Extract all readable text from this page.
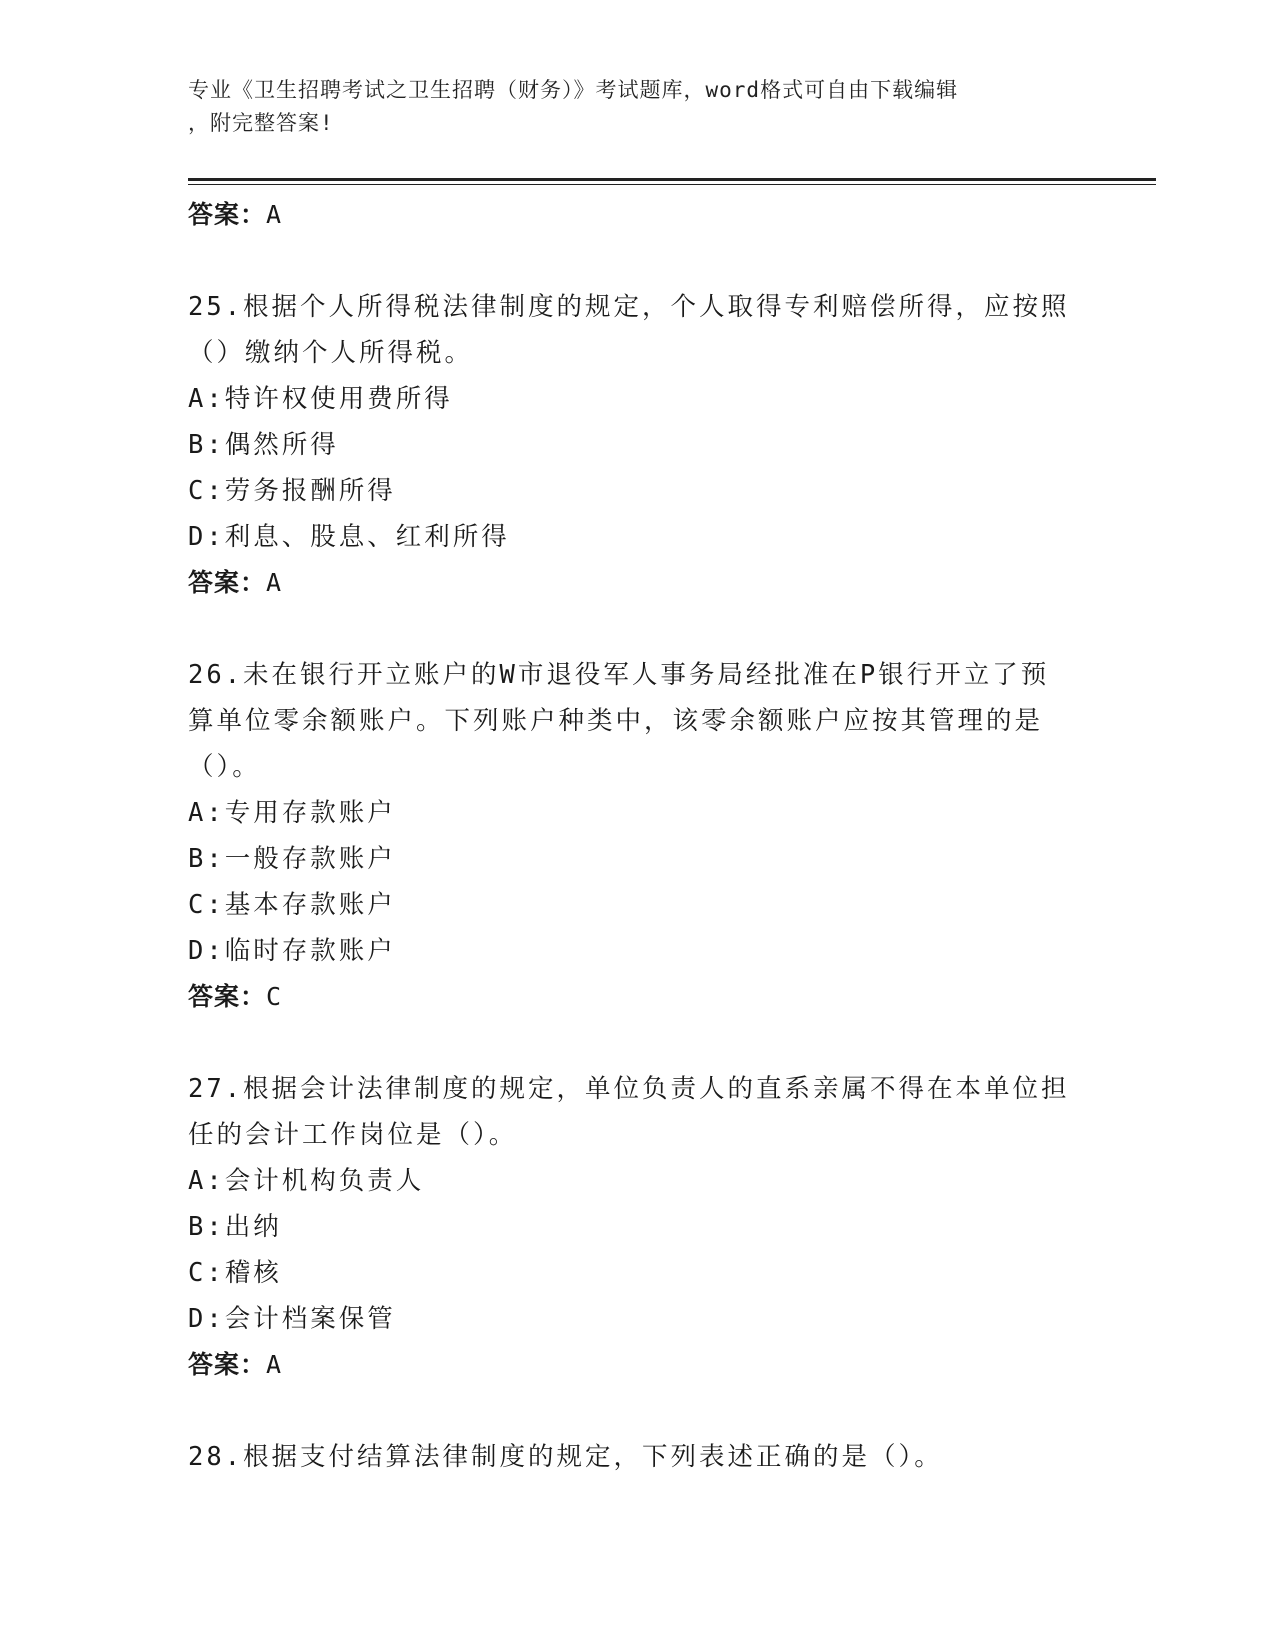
专业《卫生招聘考试之卫生招聘（财务）》考试题库，word格式可自由下载编辑
，附完整答案!
答案：A
25.根据个人所得税法律制度的规定，个人取得专利赔偿所得，应按照
（）缴纳个人所得税。
A:特许权使用费所得
B:偶然所得
C:劳务报酬所得
D:利息、股息、红利所得
答案：A
26.未在银行开立账户的W市退役军人事务局经批准在P银行开立了预
算单位零余额账户。下列账户种类中，该零余额账户应按其管理的是
（）。
A:专用存款账户
B:一般存款账户
C:基本存款账户
D:临时存款账户
答案：C
27.根据会计法律制度的规定，单位负责人的直系亲属不得在本单位担
任的会计工作岗位是（）。
A:会计机构负责人
B:出纳
C:稽核
D:会计档案保管
答案：A
28.根据支付结算法律制度的规定，下列表述正确的是（）。
